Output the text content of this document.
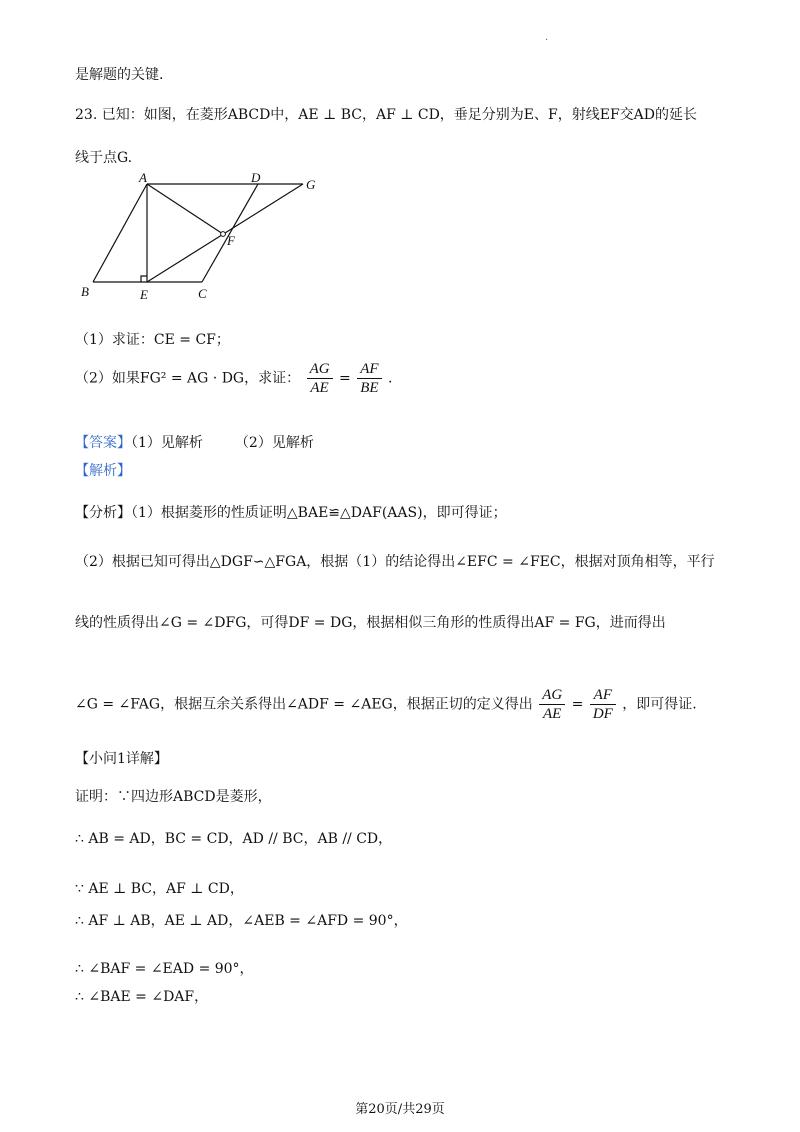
.
是解题的关键.
23. 已知：如图，在菱形ABCD中，AE ⊥ BC，AF ⊥ CD，垂足分别为E、F，射线EF交AD的延长
线于点G.
A	D	G
F
B	E	C
（1）求证：CE = CF；
（2）如果FG² = AG · DG，求证： $\frac{AG}{AE} = \frac{AF}{BE}$ .
【答案】（1）见解析 （2）见解析
【解析】
【分析】（1）根据菱形的性质证明△BAE≌△DAF(AAS)，即可得证；
（2）根据已知可得出△DGF∽△FGA，根据（1）的结论得出∠EFC = ∠FEC，根据对顶角相等，平行
线的性质得出∠G = ∠DFG，可得DF = DG，根据相似三角形的性质得出AF = FG，进而得出
∠G = ∠FAG，根据互余关系得出∠ADF = ∠AEG，根据正切的定义得出 $\frac{AG}{AE} = \frac{AF}{DF}$ ，即可得证.
【小问1详解】
证明：∵四边形ABCD是菱形，
∴ AB = AD，BC = CD，AD // BC，AB // CD，
∵ AE ⊥ BC，AF ⊥ CD，
∴ AF ⊥ AB，AE ⊥ AD，∠AEB = ∠AFD = 90°，
∴ ∠BAF = ∠EAD = 90°，
∴ ∠BAE = ∠DAF，
第20页/共29页
